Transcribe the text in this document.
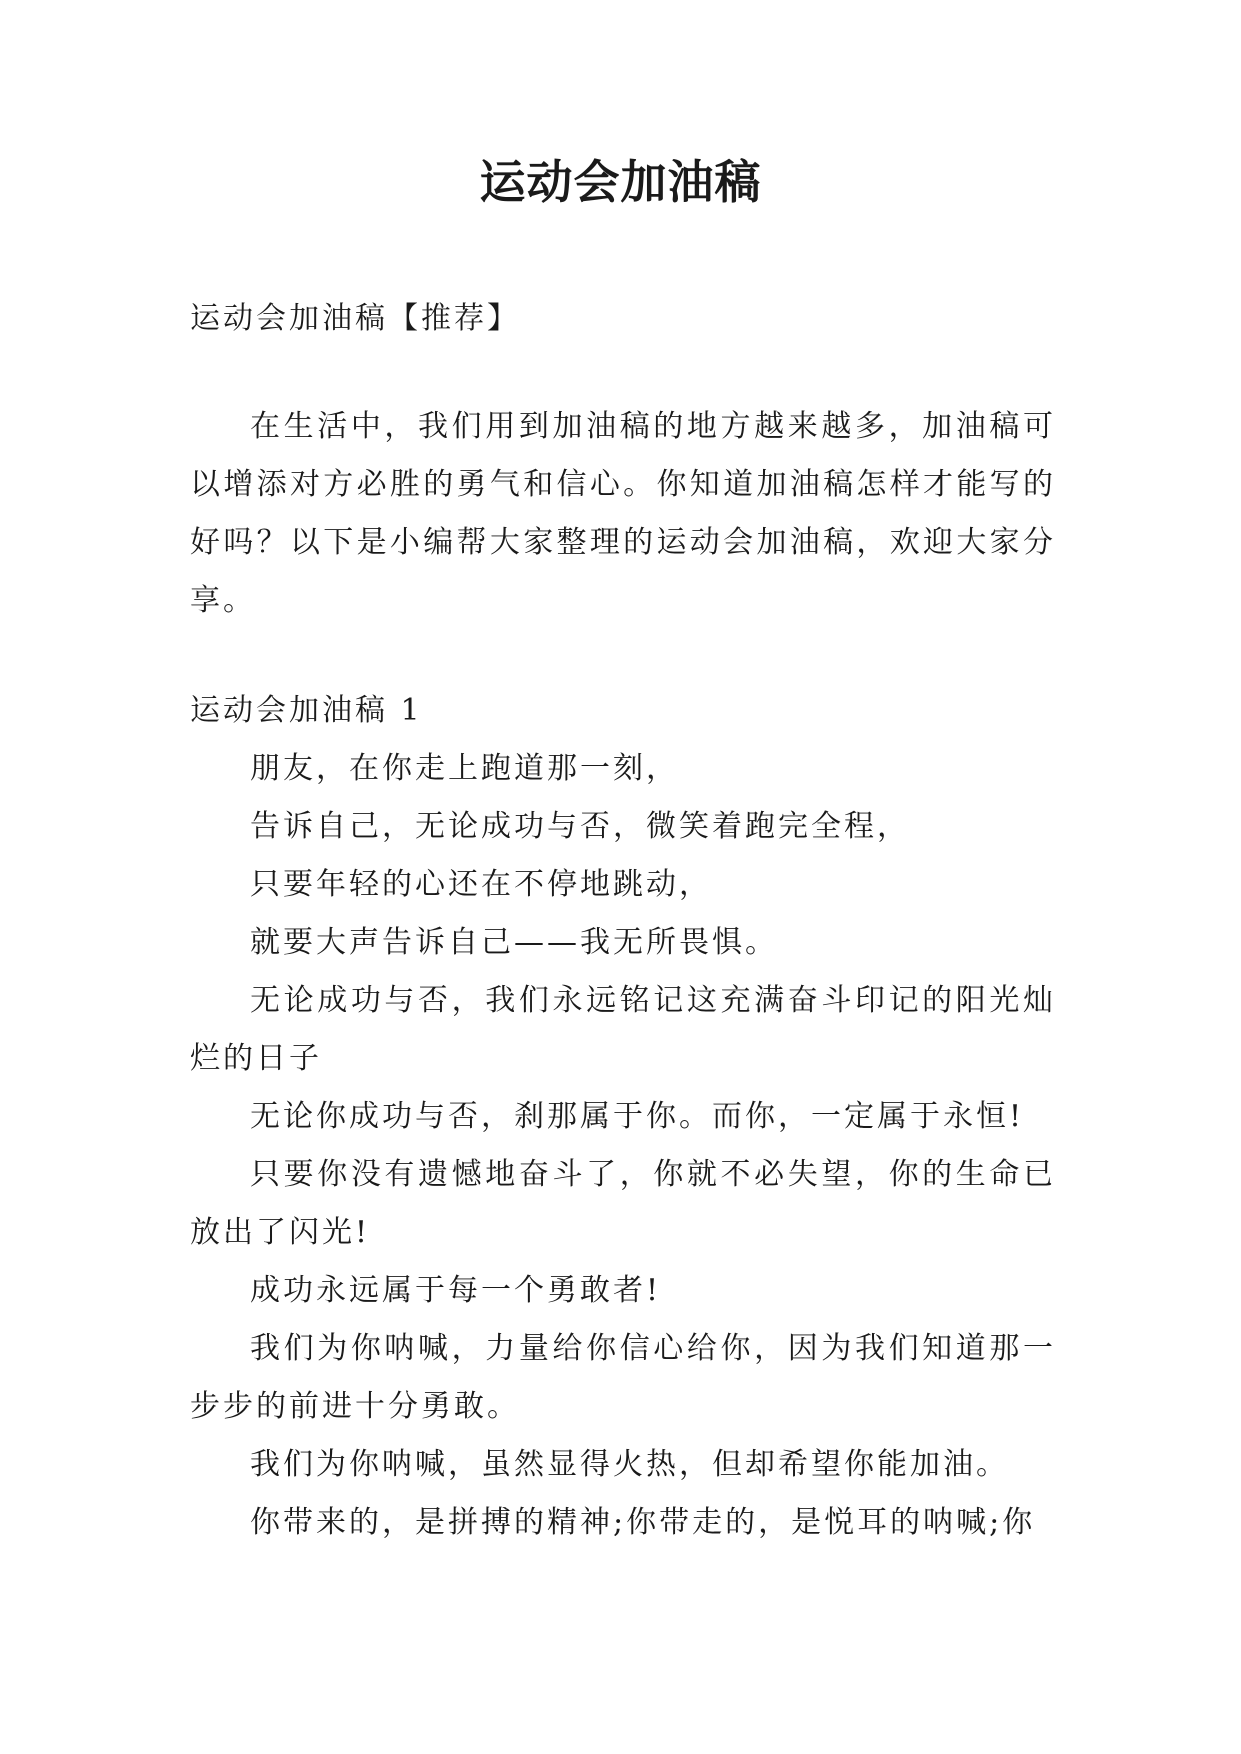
运动会加油稿

运动会加油稿【推荐】

在生活中，我们用到加油稿的地方越来越多，加油稿可以增添对方必胜的勇气和信心。你知道加油稿怎样才能写的好吗？以下是小编帮大家整理的运动会加油稿，欢迎大家分享。

运动会加油稿 1

朋友，在你走上跑道那一刻，

告诉自己，无论成功与否，微笑着跑完全程，

只要年轻的心还在不停地跳动，

就要大声告诉自己——我无所畏惧。

无论成功与否，我们永远铭记这充满奋斗印记的阳光灿烂的日子

无论你成功与否，刹那属于你。而你，一定属于永恒!

只要你没有遗憾地奋斗了，你就不必失望，你的生命已放出了闪光!

成功永远属于每一个勇敢者!

我们为你呐喊，力量给你信心给你，因为我们知道那一步步的前进十分勇敢。

我们为你呐喊，虽然显得火热，但却希望你能加油。

你带来的，是拼搏的精神;你带走的，是悦耳的呐喊;你
